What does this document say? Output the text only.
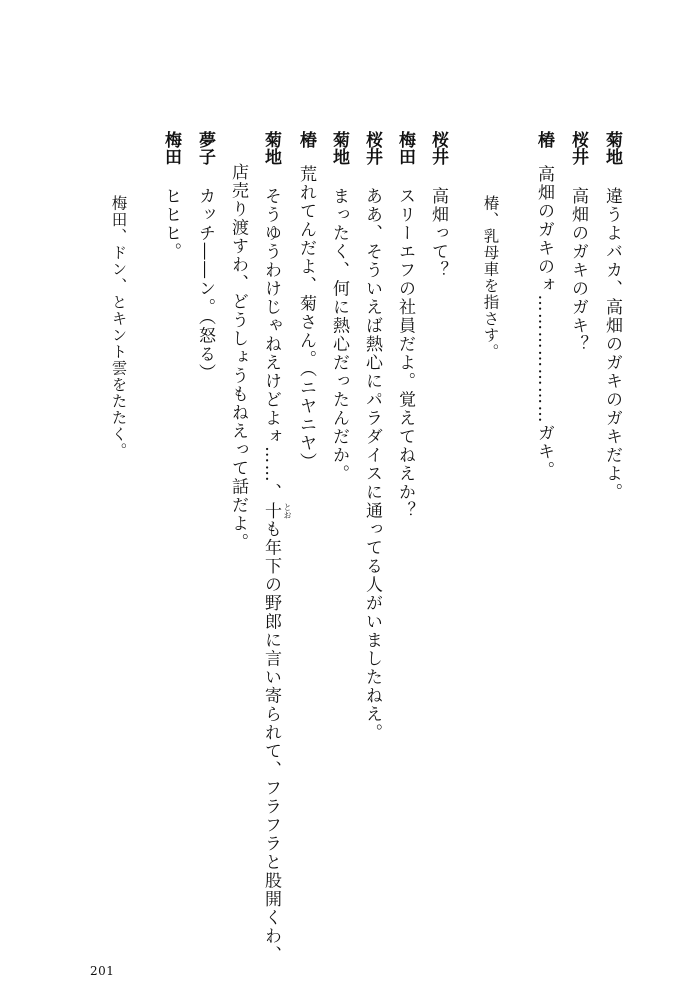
菊地違うよバカ、高畑のガキのガキだよ。
桜井高畑のガキのガキ？
椿高畑のガキのォ…………………ガキ。
椿、乳母車を指さす。
桜井高畑って？
梅田スリーエフの社員だよ。覚えてねえか？
桜井ああ、そういえば熱心にパラダイスに通ってる人がいましたねえ。
菊地まったく、何に熱心だったんだか。
椿荒れてんだよ、菊さん。（ニヤニヤ）
菊地そうゆうわけじゃねえけどよォ……、十 とお
も年下の野郎に言い寄られて、フラフラと股開くわ、
店売り渡すわ、どうしょうもねえって話だよ。
夢子カッチ――ン。（怒る）
梅田ヒヒヒ。
梅田、ドン、とキント雲をたたく。
201
